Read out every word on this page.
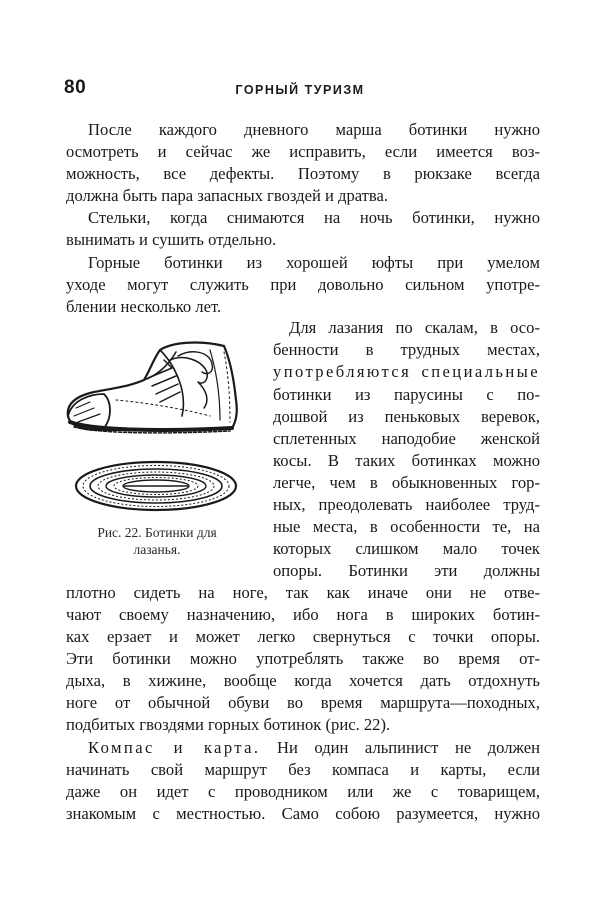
80	ГОРНЫЙ ТУРИЗМ
После каждого дневного марша ботинки нужно
осмотреть и сейчас же исправить, если имеется воз-
можность, все дефекты. Поэтому в рюкзаке всегда
должна быть пара запасных гвоздей и дратва.
Стельки, когда снимаются на ночь ботинки, нужно
вынимать и сушить отдельно.
Горные ботинки из хорошей юфты при умелом
уходе могут служить при довольно сильном употре-
блении несколько лет.
Рис. 22. Ботинки для
лазанья.
Для лазания по скалам, в осо-
бенности в трудных местах,
употребляются специальные
ботинки из парусины с по-
дошвой из пеньковых веревок,
сплетенных наподобие женской
косы. В таких ботинках можно
легче, чем в обыкновенных гор-
ных, преодолевать наиболее труд-
ные места, в особенности те, на
которых слишком мало точек
опоры. Ботинки эти должны
плотно сидеть на ноге, так как иначе они не отве-
чают своему назначению, ибо нога в широких ботин-
ках ерзает и может легко свернуться с точки опоры.
Эти ботинки можно употреблять также во время от-
дыха, в хижине, вообще когда хочется дать отдохнуть
ноге от обычной обуви во время маршрута—походных,
подбитых гвоздями горных ботинок (рис. 22).
Компас и карта. Ни один альпинист не должен
начинать свой маршрут без компаса и карты, если
даже он идет с проводником или же с товарищем,
знакомым с местностью. Само собою разумеется, нужно
